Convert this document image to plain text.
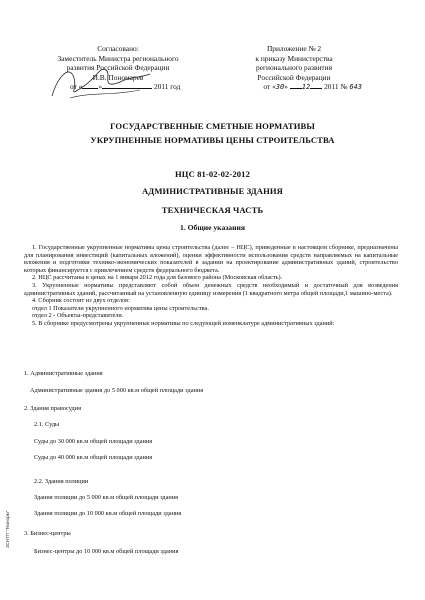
Согласовано:
Заместитель Министра регионального
развития Российской Федерации
И.В. Пономарев
от « »	2011 год
Приложение № 2
к приказу Министерства
регионального развития
Российской Федерации
от «30» 12 2011 № 643
ГОСУДАРСТВЕННЫЕ СМЕТНЫЕ НОРМАТИВЫ
УКРУПНЕННЫЕ НОРМАТИВЫ ЦЕНЫ СТРОИТЕЛЬСТВА
НЦС 81-02-02-2012
АДМИНИСТРАТИВНЫЕ ЗДАНИЯ
ТЕХНИЧЕСКАЯ ЧАСТЬ
1. Общие указания

1. Государственные укрупненные нормативы цены строительства (далее – НЦС), приведенные в настоящем сборнике, предназначены для планирования инвестиций (капитальных вложений), оценки эффективности использования средств направляемых на капитальные вложения и подготовки технико-экономических показателей в задании на проектирование административных зданий, строительство которых финансируется с привлечением средств федерального бюджета.

2. НЦС рассчитаны в ценах на 1 января 2012 года для базового района (Московская область).

3. Укрупненные нормативы представляют собой объем денежных средств необходимый и достаточный для возведения административных зданий, рассчитанный на установленную единицу измерения (1 квадратного метра общей площади,1 машино-места).

4. Сборник состоит из двух отделов:

отдел 1 Показатели укрупненного норматива цены строительства.

отдел 2 - Объекты-представители.

5. В сборнике предусмотрены укрупненные нормативы по следующей номенклатуре административных зданий:

1. Административные здания
Административные здания до 5 000 кв.м общей площади здания
2. Здания правосудия
2.1. Суды
Суды до 30 000 кв.м общей площади здания
Суды до 40 000 кв.м общей площади здания
2.2. Здания полиции
Здания полиции до 5 000 кв.м общей площади здания
Здания полиции до 10 000 кв.м общей площади здания
3. Бизнес-центры
Бизнес-центры до 10 000 кв.м общей площади здания
ЗСНТП "Технорм"
